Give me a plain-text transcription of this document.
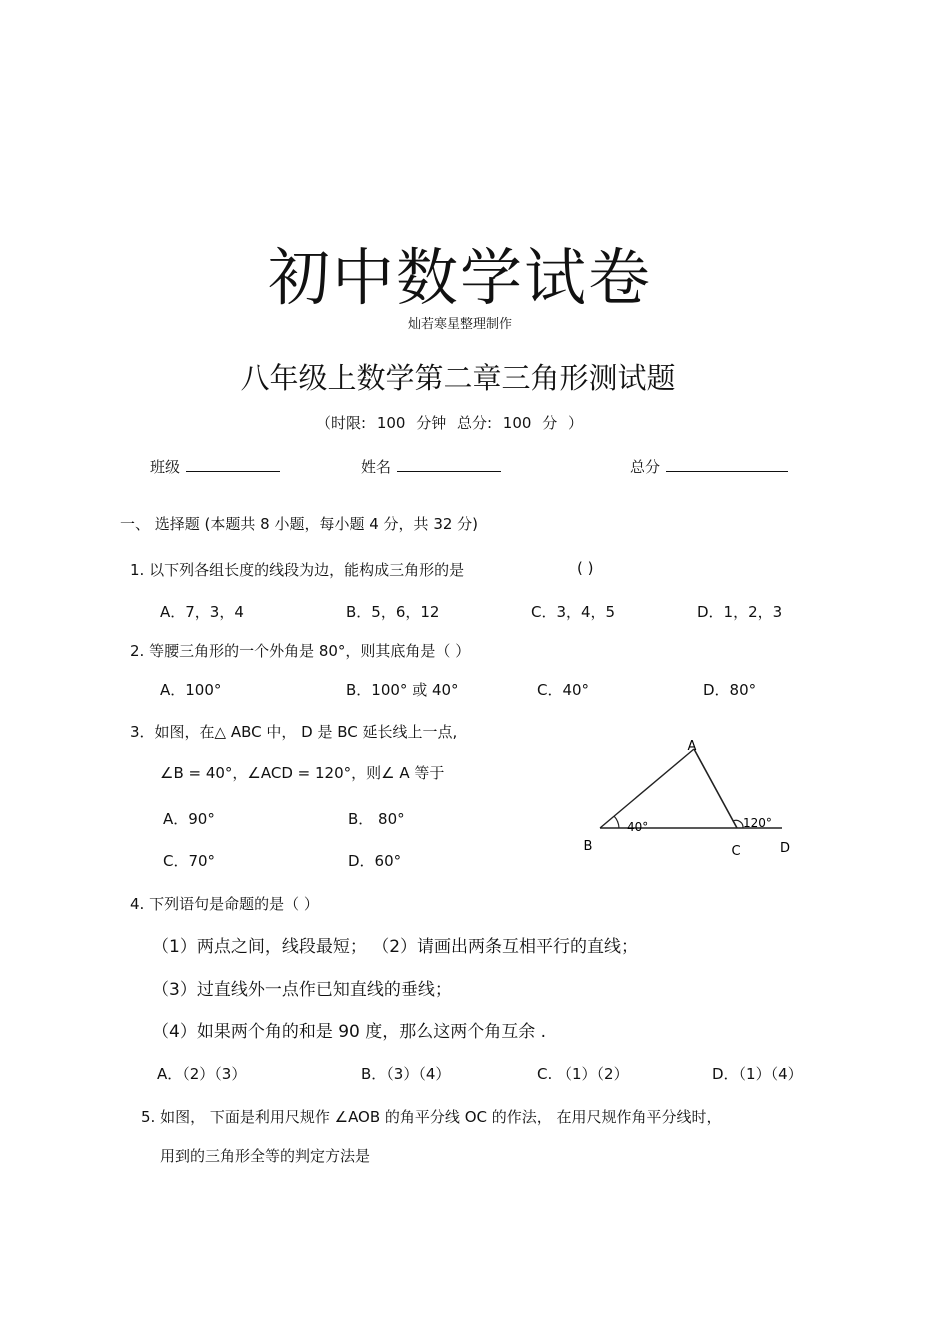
初中数学试卷
灿若寒星整理制作
八年级上数学第二章三角形测试题
（时限: 100 分钟 总分: 100 分 ）
班级	姓名	总分
一、 选择题 (本题共 8 小题，每小题 4 分，共 32 分)
1. 以下列各组长度的线段为边，能构成三角形的是	( )
A．7，3，4	B．5，6，12	C．3，4，5	D．1，2，3
2. 等腰三角形的一个外角是 80°，则其底角是（ ）
A．100°	B．100° 或 40°	C．40°	D．80°
3．如图，在△ ABC 中， D 是 BC 延长线上一点,
∠B = 40°，∠ACD = 120°，则∠ A 等于
A．90°	B． 80°
C．70°	D．60°
A
B	C	D
40°	120°
4. 下列语句是命题的是（ ）
（1）两点之间，线段最短； （2）请画出两条互相平行的直线；
（3）过直线外一点作已知直线的垂线；
（4）如果两个角的和是 90 度，那么这两个角互余 .
A．（2）（3）	B．（3）（4）	C. （1）（2）	D．（1）（4）
5. 如图， 下面是利用尺规作 ∠AOB 的角平分线 OC 的作法， 在用尺规作角平分线时，
用到的三角形全等的判定方法是
